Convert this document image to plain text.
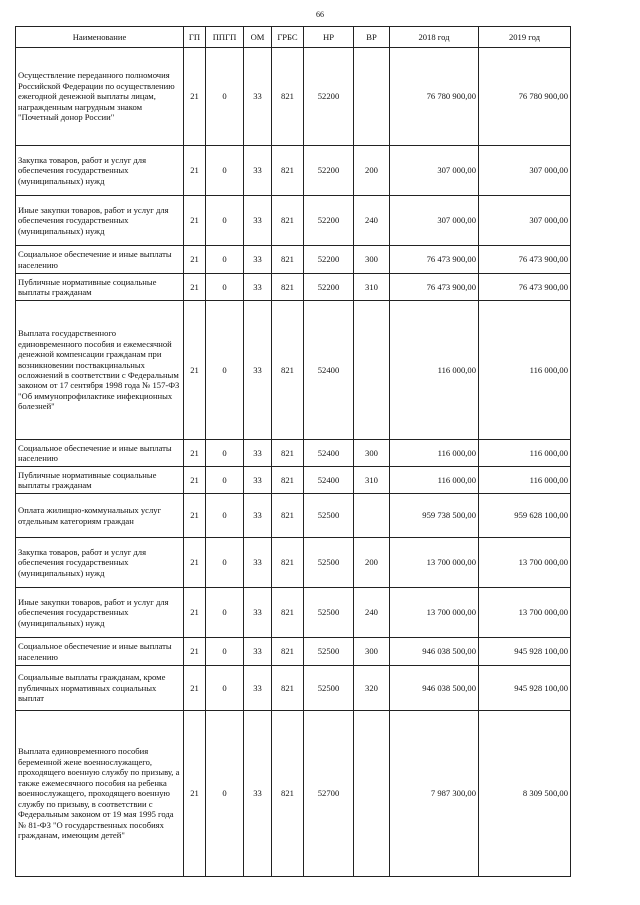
66
Наименование	ГП	ППГП	ОМ	ГРБС	НР	ВР	2018 год	2019 год
Осуществление переданного полномочия Российской Федерации по осуществлению ежегодной денежной выплаты лицам, награжденным нагрудным знаком "Почетный донор России"	21	0	33	821	52200		76 780 900,00	76 780 900,00
Закупка товаров, работ и услуг для обеспечения государственных (муниципальных) нужд	21	0	33	821	52200	200	307 000,00	307 000,00
Иные закупки товаров, работ и услуг для обеспечения государственных (муниципальных) нужд	21	0	33	821	52200	240	307 000,00	307 000,00
Социальное обеспечение и иные выплаты населению	21	0	33	821	52200	300	76 473 900,00	76 473 900,00
Публичные нормативные социальные выплаты гражданам	21	0	33	821	52200	310	76 473 900,00	76 473 900,00
Выплата государственного единовременного пособия и ежемесячной денежной компенсации гражданам при возникновении поствакцинальных осложнений в соответствии с Федеральным законом от 17 сентября 1998 года № 157-ФЗ "Об иммунопрофилактике инфекционных болезней"	21	0	33	821	52400		116 000,00	116 000,00
Социальное обеспечение и иные выплаты населению	21	0	33	821	52400	300	116 000,00	116 000,00
Публичные нормативные социальные выплаты гражданам	21	0	33	821	52400	310	116 000,00	116 000,00
Оплата жилищно-коммунальных услуг отдельным категориям граждан	21	0	33	821	52500		959 738 500,00	959 628 100,00
Закупка товаров, работ и услуг для обеспечения государственных (муниципальных) нужд	21	0	33	821	52500	200	13 700 000,00	13 700 000,00
Иные закупки товаров, работ и услуг для обеспечения государственных (муниципальных) нужд	21	0	33	821	52500	240	13 700 000,00	13 700 000,00
Социальное обеспечение и иные выплаты населению	21	0	33	821	52500	300	946 038 500,00	945 928 100,00
Социальные выплаты гражданам, кроме публичных нормативных социальных выплат	21	0	33	821	52500	320	946 038 500,00	945 928 100,00
Выплата единовременного пособия беременной жене военнослужащего, проходящего военную службу по призыву, а также ежемесячного пособия на ребенка военнослужащего, проходящего военную службу по призыву, в соответствии с Федеральным законом от 19 мая 1995 года № 81-ФЗ "О государственных пособиях гражданам, имеющим детей"	21	0	33	821	52700		7 987 300,00	8 309 500,00
